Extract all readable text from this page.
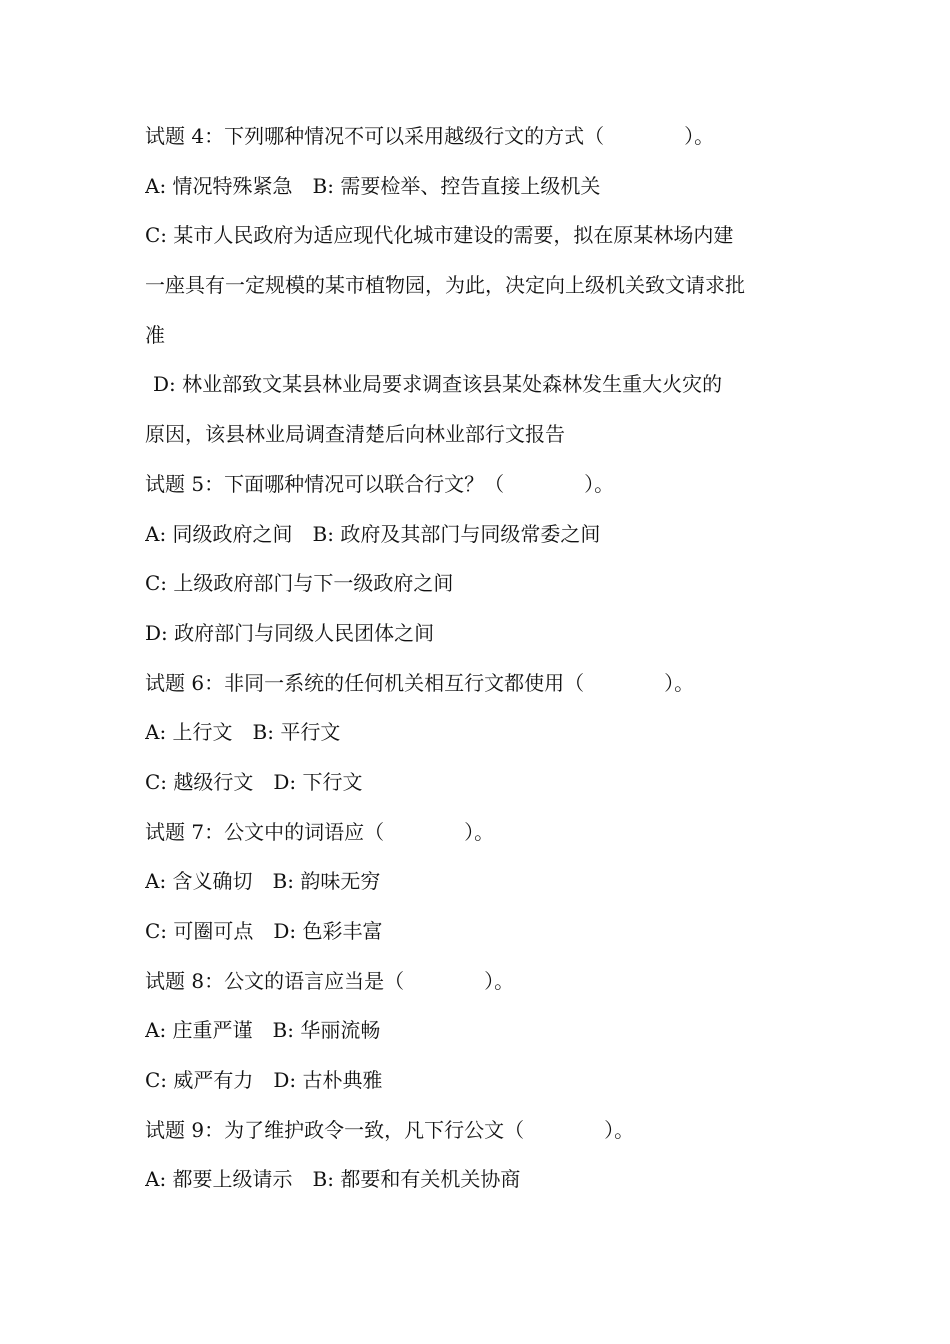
试题 4：下列哪种情况不可以采用越级行文的方式（　　　　）。
A: 情况特殊紧急　B: 需要检举、控告直接上级机关
C: 某市人民政府为适应现代化城市建设的需要，拟在原某林场内建
一座具有一定规模的某市植物园，为此，决定向上级机关致文请求批
准
D: 林业部致文某县林业局要求调查该县某处森林发生重大火灾的
原因，该县林业局调查清楚后向林业部行文报告
试题 5：下面哪种情况可以联合行文？（　　　　）。
A: 同级政府之间　B: 政府及其部门与同级常委之间
C: 上级政府部门与下一级政府之间
D: 政府部门与同级人民团体之间
试题 6：非同一系统的任何机关相互行文都使用（　　　　）。
A: 上行文　B: 平行文
C: 越级行文　D: 下行文
试题 7：公文中的词语应（　　　　）。
A: 含义确切　B: 韵味无穷
C: 可圈可点　D: 色彩丰富
试题 8：公文的语言应当是（　　　　）。
A: 庄重严谨　B: 华丽流畅
C: 威严有力　D: 古朴典雅
试题 9：为了维护政令一致，凡下行公文（　　　　）。
A: 都要上级请示　B: 都要和有关机关协商
